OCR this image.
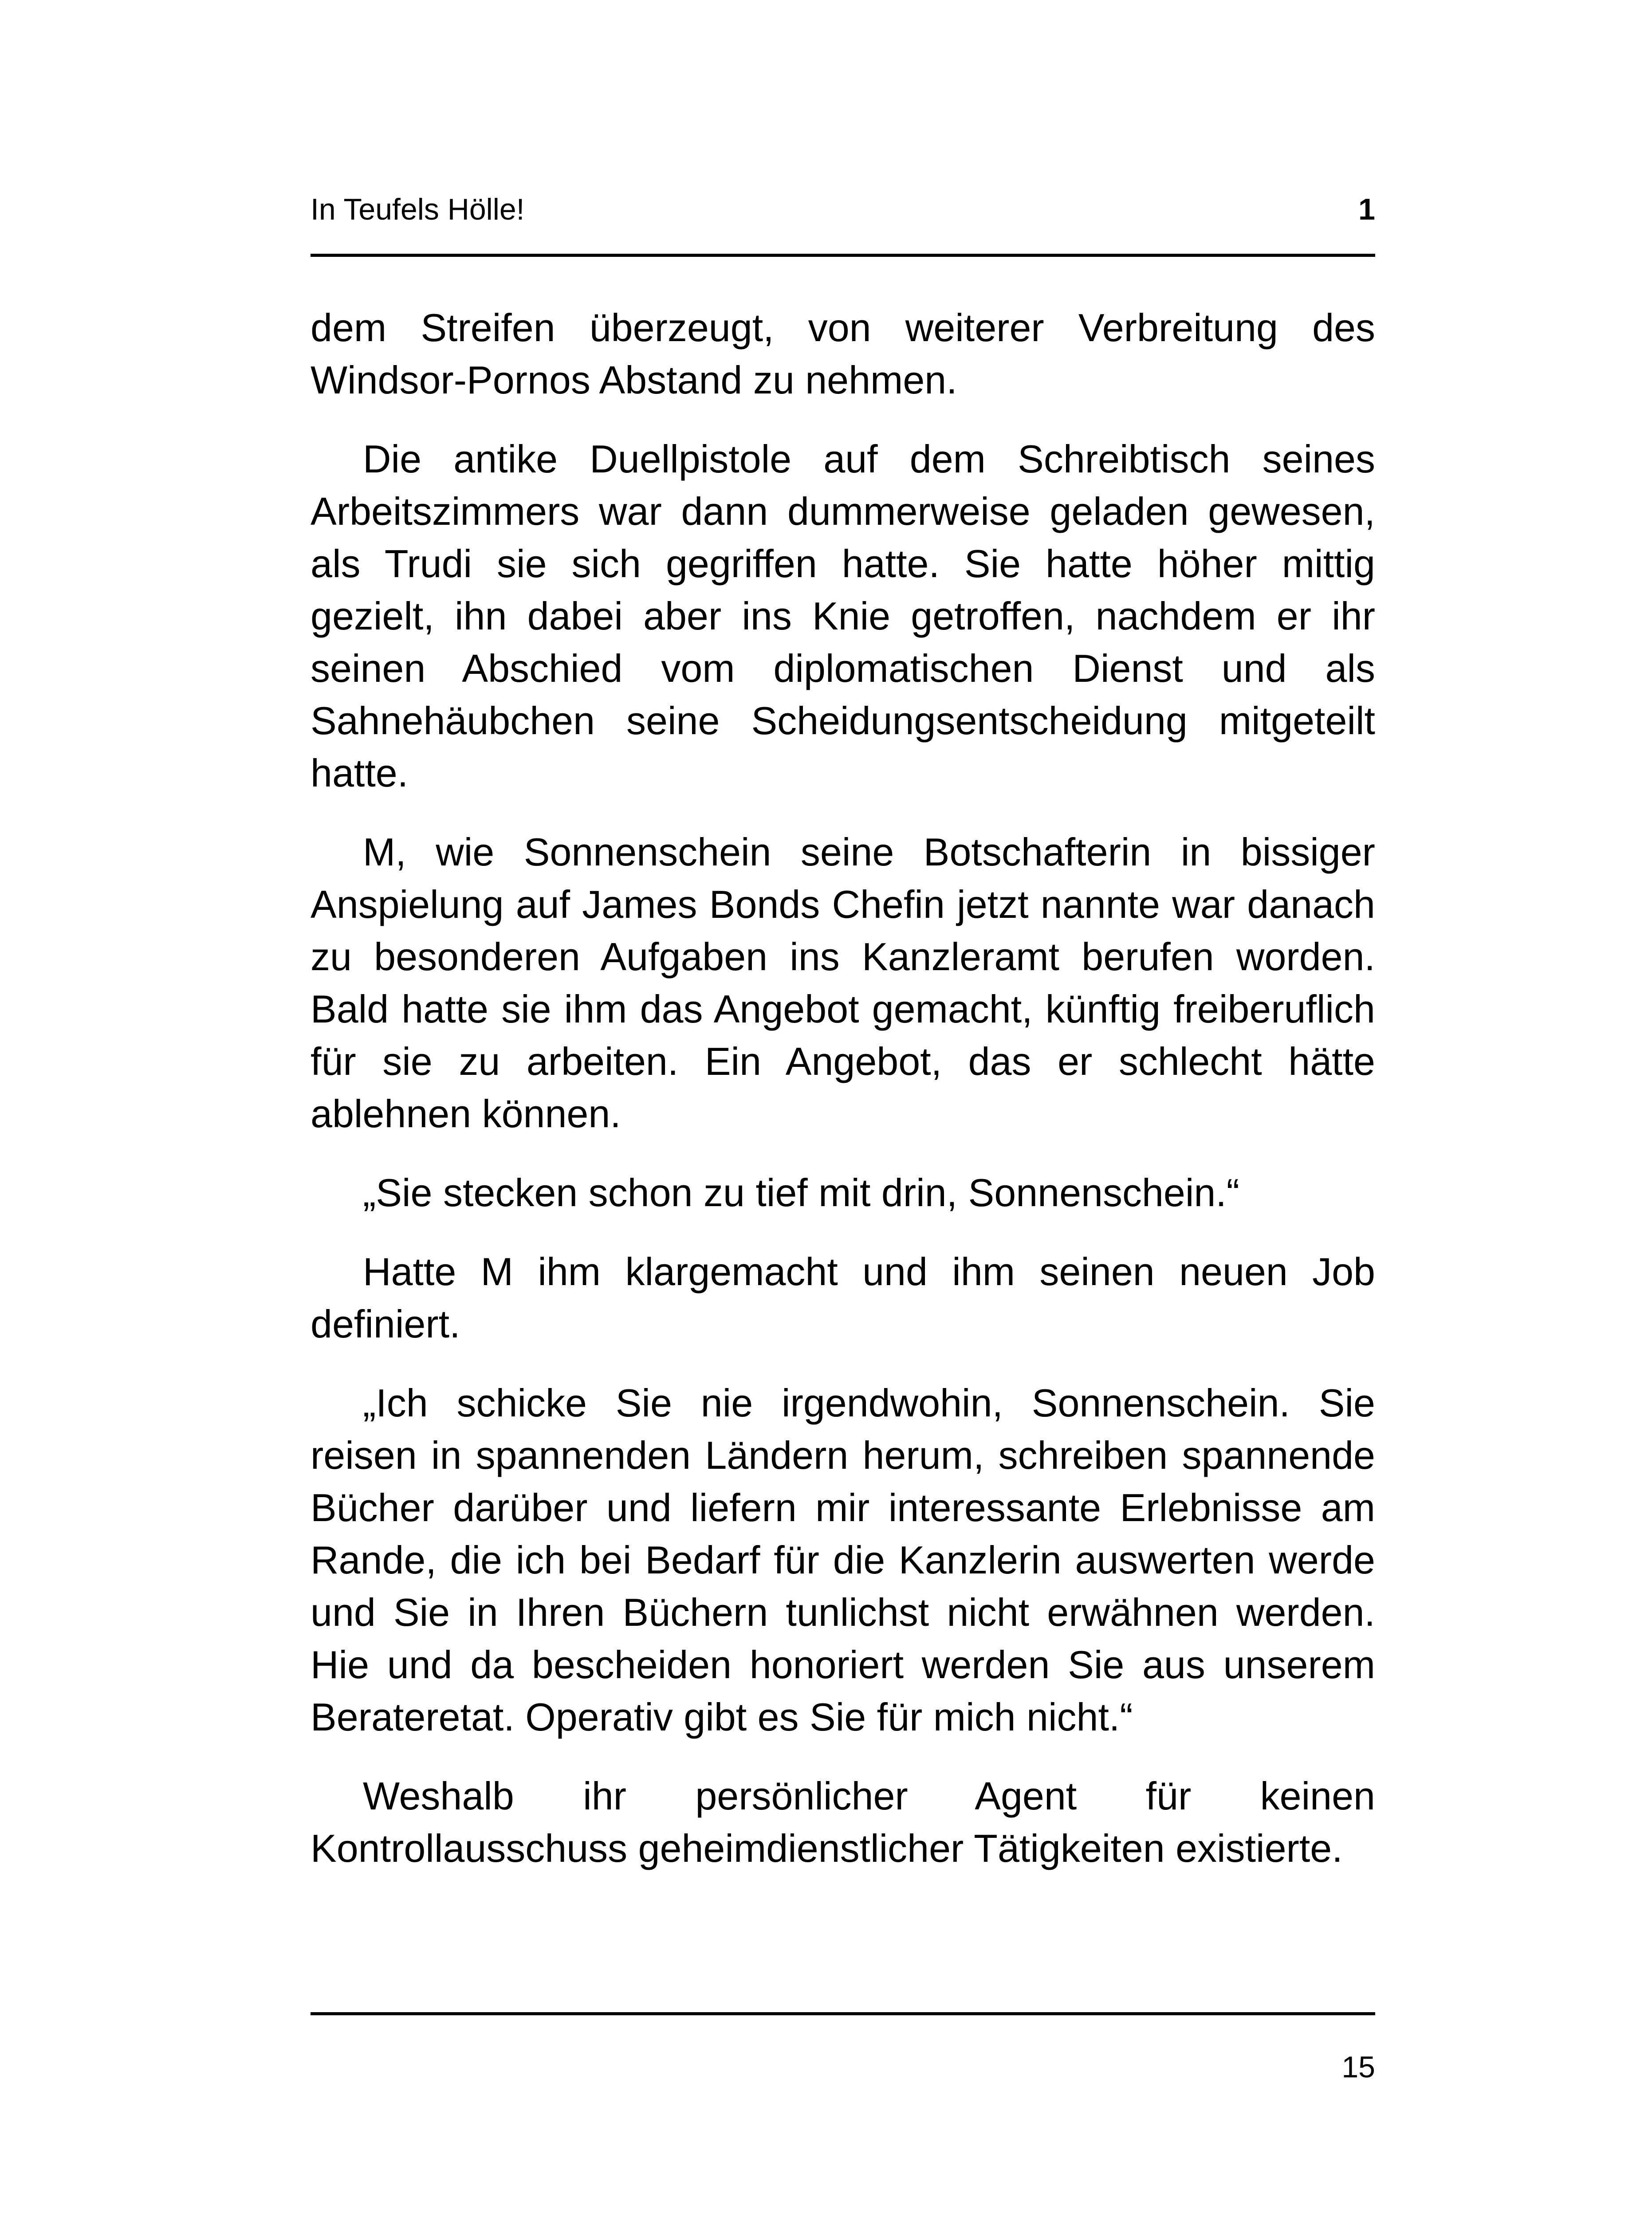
In Teufels Hölle!	1

dem Streifen überzeugt, von weiterer Verbreitung des Windsor-Pornos Abstand zu nehmen.

Die antike Duellpistole auf dem Schreibtisch seines Arbeitszimmers war dann dummerweise geladen gewesen, als Trudi sie sich gegriffen hatte. Sie hatte höher mittig gezielt, ihn dabei aber ins Knie getroffen, nachdem er ihr seinen Abschied vom diplomatischen Dienst und als Sahnehäubchen seine Scheidungsentscheidung mitgeteilt hatte.

M, wie Sonnenschein seine Botschafterin in bissiger Anspielung auf James Bonds Chefin jetzt nannte war danach zu besonderen Aufgaben ins Kanzleramt berufen worden. Bald hatte sie ihm das Angebot gemacht, künftig freiberuflich für sie zu arbeiten. Ein Angebot, das er schlecht hätte ablehnen können.

„Sie stecken schon zu tief mit drin, Sonnenschein.“

Hatte M ihm klargemacht und ihm seinen neuen Job definiert.

„Ich schicke Sie nie irgendwohin, Sonnenschein. Sie reisen in spannenden Ländern herum, schreiben spannende Bücher darüber und liefern mir interessante Erlebnisse am Rande, die ich bei Bedarf für die Kanzlerin auswerten werde und Sie in Ihren Büchern tunlichst nicht erwähnen werden. Hie und da bescheiden honoriert werden Sie aus unserem Berateretat. Operativ gibt es Sie für mich nicht.“

Weshalb ihr persönlicher Agent für keinen Kontrollausschuss geheimdienstlicher Tätigkeiten existierte.

15
